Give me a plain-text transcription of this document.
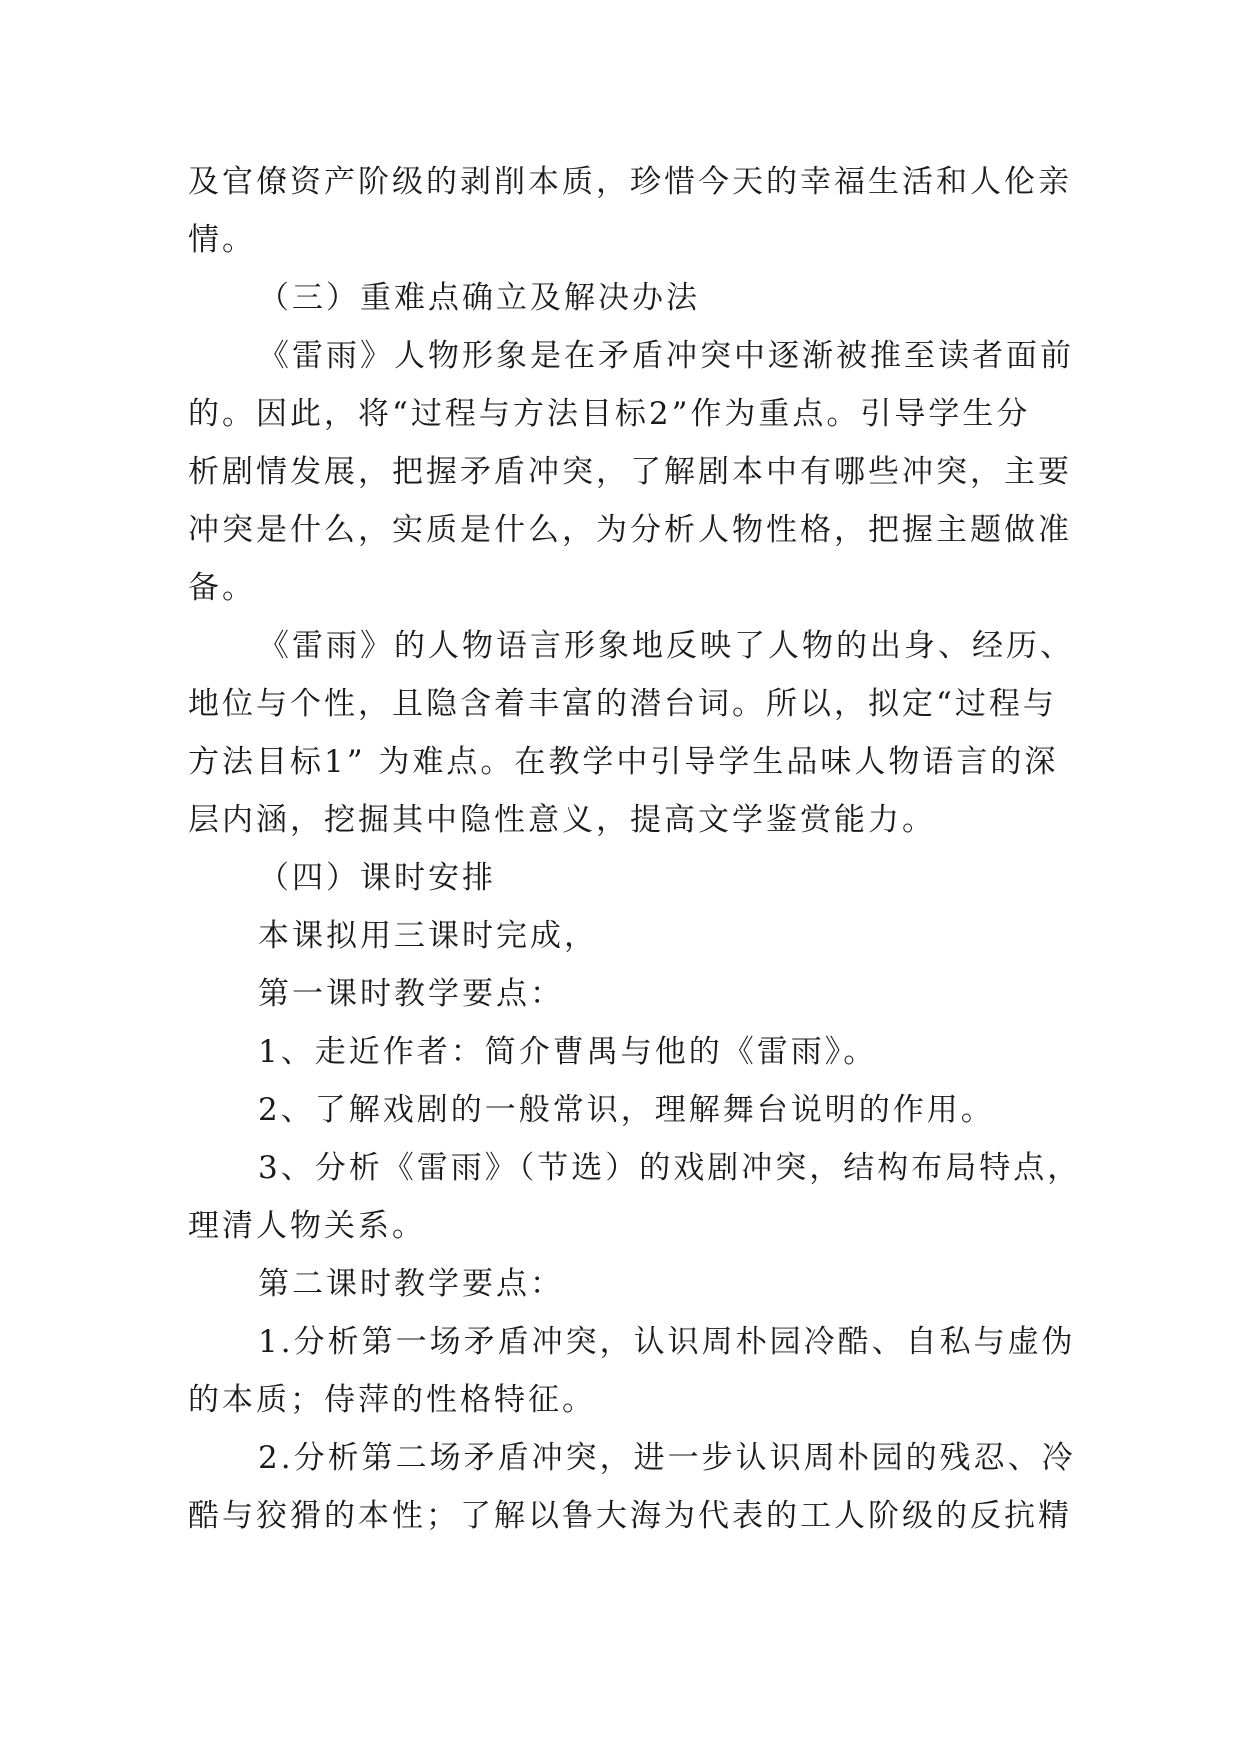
及官僚资产阶级的剥削本质，珍惜今天的幸福生活和人伦亲
情。
（三）重难点确立及解决办法
《雷雨》人物形象是在矛盾冲突中逐渐被推至读者面前
的。因此，将“过程与方法目标2”作为重点。引导学生分
析剧情发展，把握矛盾冲突，了解剧本中有哪些冲突，主要
冲突是什么，实质是什么，为分析人物性格，把握主题做准
备。
《雷雨》的人物语言形象地反映了人物的出身、经历、
地位与个性，且隐含着丰富的潜台词。所以，拟定“过程与
方法目标1” 为难点。在教学中引导学生品味人物语言的深
层内涵，挖掘其中隐性意义，提高文学鉴赏能力。
（四）课时安排
本课拟用三课时完成，
第一课时教学要点：
1、走近作者：简介曹禺与他的《雷雨》。
2、了解戏剧的一般常识，理解舞台说明的作用。
3、分析《雷雨》（节选）的戏剧冲突，结构布局特点，
理清人物关系。
第二课时教学要点：
1.分析第一场矛盾冲突，认识周朴园冷酷、自私与虚伪
的本质；侍萍的性格特征。
2.分析第二场矛盾冲突，进一步认识周朴园的残忍、冷
酷与狡猾的本性；了解以鲁大海为代表的工人阶级的反抗精
